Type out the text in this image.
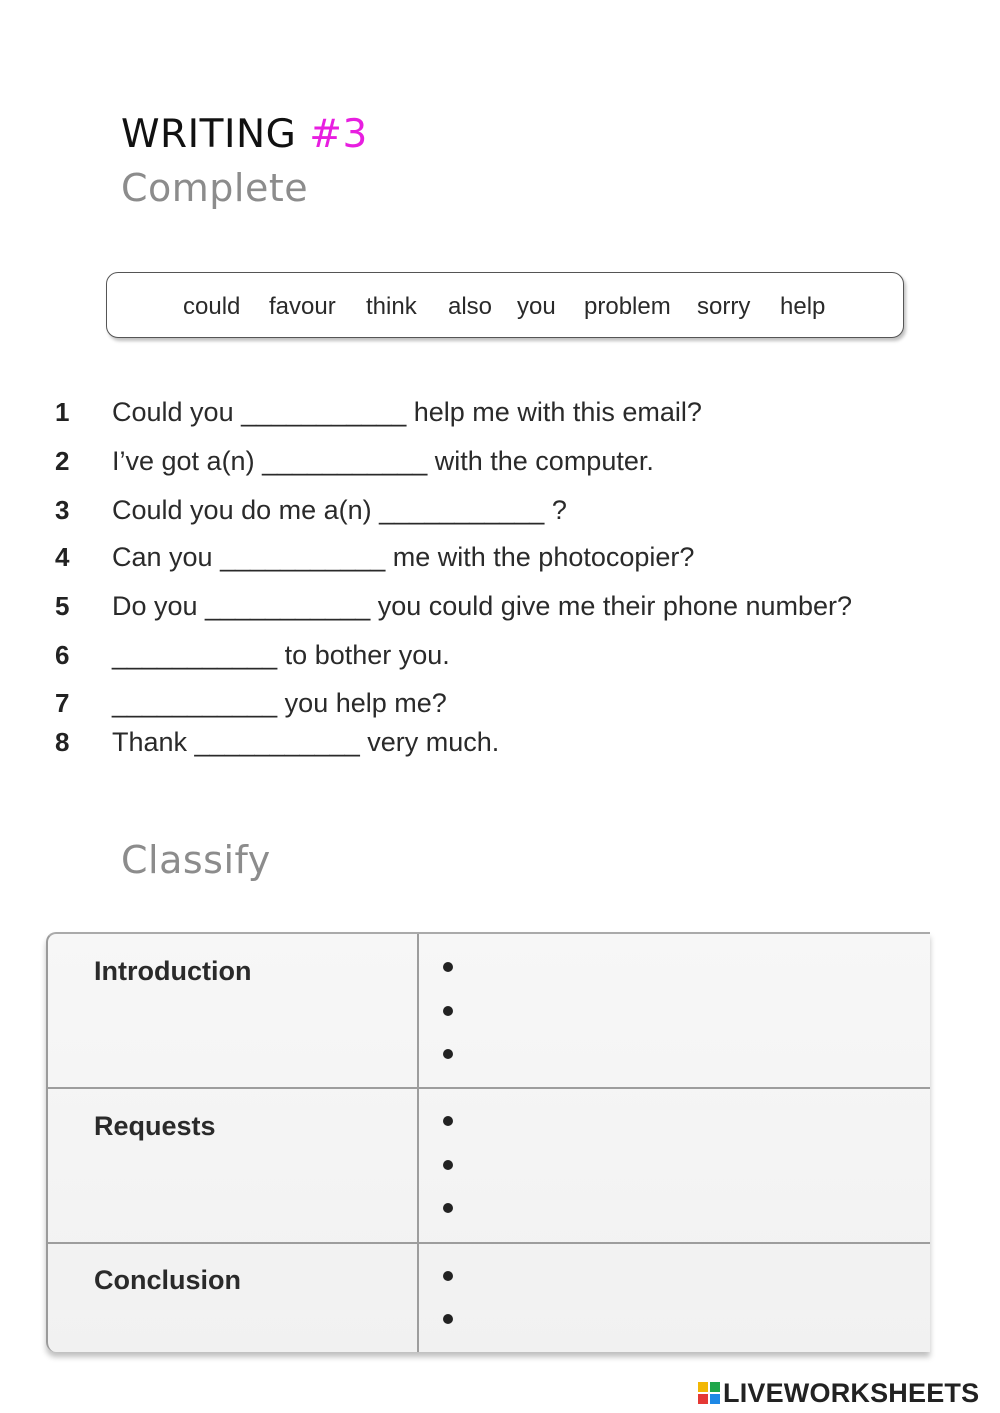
WRITING #3
Complete
could favour think also you problem sorry help
1 Could you ___________ help me with this email?
2 I’ve got a(n) ___________ with the computer.
3 Could you do me a(n) ___________ ?
4 Can you ___________ me with the photocopier?
5 Do you ___________ you could give me their phone number?
6 ___________ to bother you.
7 ___________ you help me?
8 Thank ___________ very much.
Classify
Introduction
Requests
Conclusion
LIVEWORKSHEETS
